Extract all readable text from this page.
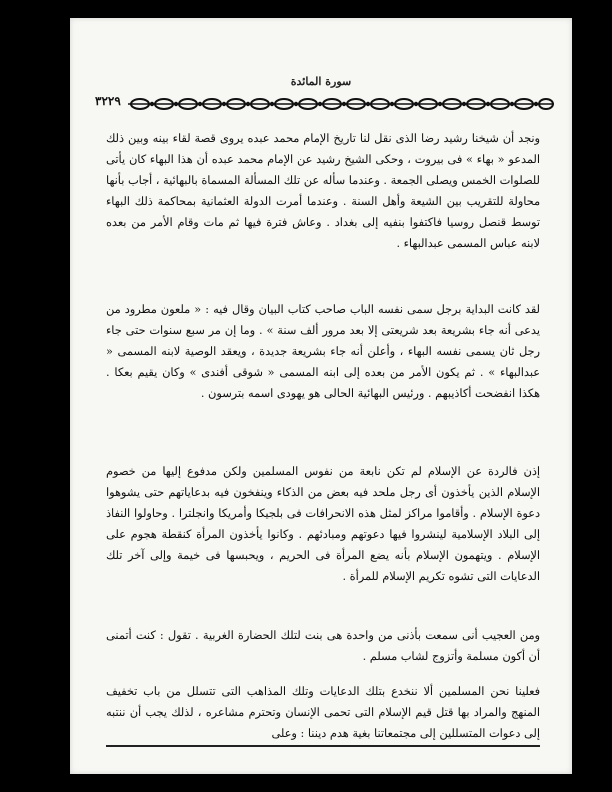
سورة المائدة
٣٢٢٩

ونجد أن شيخنا رشيد رضا الذى نقل لنا تاريخ الإمام محمد عبده يروى قصة لقاء بينه وبين ذلك المدعو « بهاء » فى بيروت ، وحكى الشيخ رشيد عن الإمام محمد عبده أن هذا البهاء كان يأتى للصلوات الخمس ويصلى الجمعة . وعندما سأله عن تلك المسألة المسماة بالبهائية ، أجاب بأنها محاولة للتقريب بين الشيعة وأهل السنة . وعندما أمرت الدولة العثمانية بمحاكمة ذلك البهاء توسط قنصل روسيا فاكتفوا بنفيه إلى بغداد . وعاش فترة فيها ثم مات وقام الأمر من بعده لابنه عباس المسمى عبدالبهاء .

لقد كانت البداية برجل سمى نفسه الباب صاحب كتاب البيان وقال فيه : « ملعون مطرود من يدعى أنه جاء بشريعة بعد شريعتى إلا بعد مرور ألف سنة » . وما إن مر سبع سنوات حتى جاء رجل ثان يسمى نفسه البهاء ، وأعلن أنه جاء بشريعة جديدة ، ويعقد الوصية لابنه المسمى « عبدالبهاء » . ثم يكون الأمر من بعده إلى ابنه المسمى « شوقى أفندى » وكان يقيم بعكا . هكذا انفضحت أكاذيبهم . ورئيس البهائية الحالى هو يهودى اسمه بترسون .

إذن فالردة عن الإسلام لم تكن نابعة من نفوس المسلمين ولكن مدفوع إليها من خصوم الإسلام الذين يأخذون أى رجل ملحد فيه بعض من الذكاء وينفخون فيه بدعاياتهم حتى يشوهوا دعوة الإسلام . وأقاموا مراكز لمثل هذه الانحرافات فى بلجيكا وأمريكا وانجلترا . وحاولوا النفاذ إلى البلاد الإسلامية لينشروا فيها دعوتهم ومبادئهم . وكانوا يأخذون المرأة كنقطة هجوم على الإسلام . ويتهمون الإسلام بأنه يضع المرأة فى الحريم ، ويحبسها فى خيمة وإلى آخر تلك الدعايات التى تشوه تكريم الإسلام للمرأة .

ومن العجيب أنى سمعت بأذنى من واحدة هى بنت لتلك الحضارة الغربية . تقول : كنت أتمنى أن أكون مسلمة وأتزوج لشاب مسلم .

فعلينا نحن المسلمين ألا ننخدع بتلك الدعايات وتلك المذاهب التى تتسلل من باب تخفيف المنهج والمراد بها قتل قيم الإسلام التى تحمى الإنسان وتحترم مشاعره ، لذلك يجب أن ننتبه إلى دعوات المتسللين إلى مجتمعاتنا بغية هدم ديننا : وعلى
